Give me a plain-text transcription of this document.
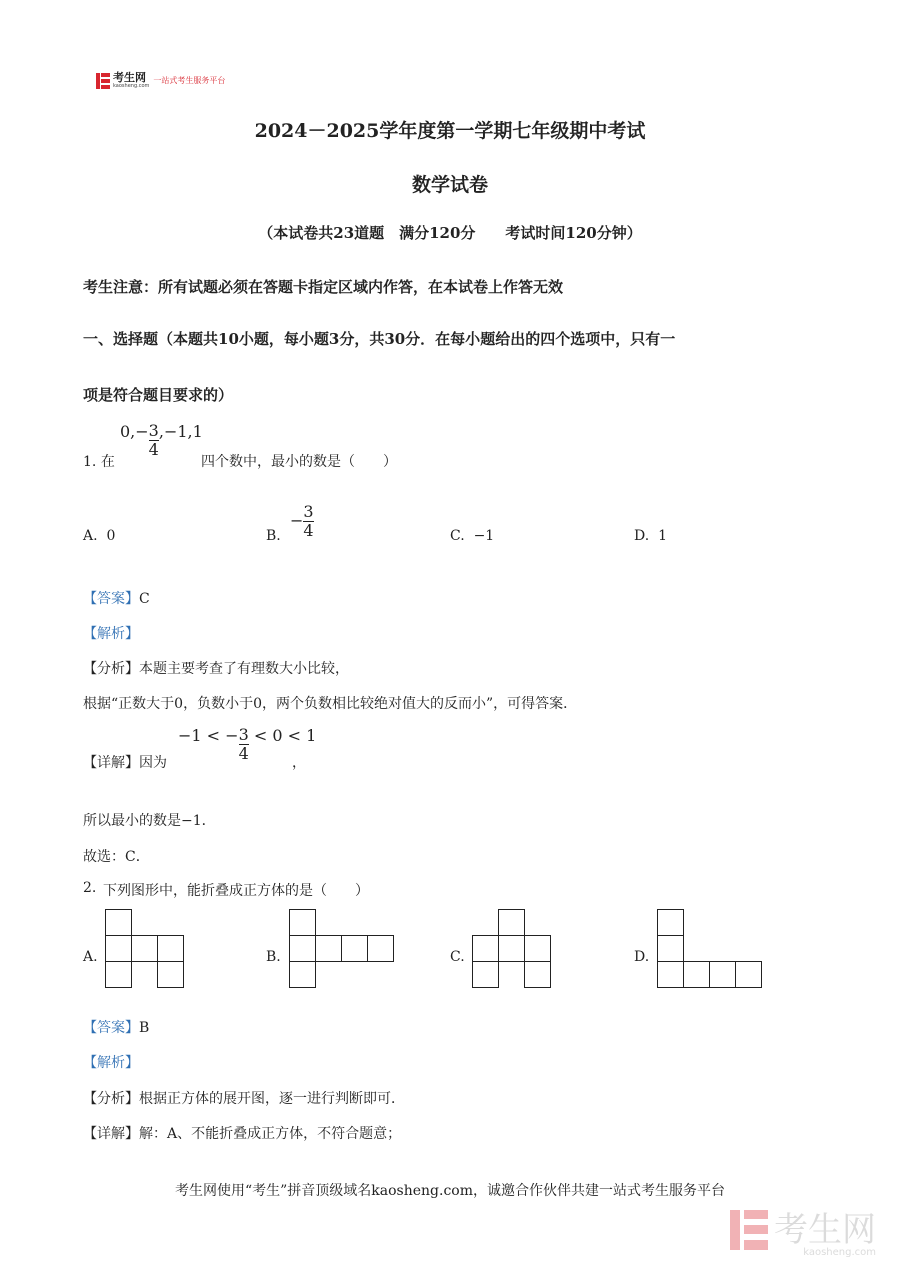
考生网
kaosheng.com
一站式考生服务平台
2024－2025学年度第一学期七年级期中考试
数学试卷
（本试卷共23道题　满分120分　　考试时间120分钟）
考生注意：所有试题必须在答题卡指定区域内作答，在本试卷上作答无效
一、选择题（本题共10小题，每小题3分，共30分．在每小题给出的四个选项中，只有一
项是符合题目要求的）
1. 在
$0,- \frac{3}{4} ,-1,1$
四个数中，最小的数是（　　）
A. 0	B.
− $\frac{3}{4}$	C. −1	D. 1
【答案】C
【解析】
【分析】本题主要考查了有理数大小比较，
根据“正数大于0，负数小于0，两个负数相比较绝对值大的反而小”，可得答案．
【详解】因为
−1 < − $\frac{3}{4} < 0 < 1$
，
所以最小的数是−1．
故选：C．
2. 下列图形中，能折叠成正方体的是（　　）
A.	B.	C.	D.
【答案】B
【解析】
【分析】根据正方体的展开图，逐一进行判断即可．
【详解】解：A、不能折叠成正方体，不符合题意；
考生网使用“考生”拼音顶级域名kaosheng.com，诚邀合作伙伴共建一站式考生服务平台
考生网
kaosheng.com
